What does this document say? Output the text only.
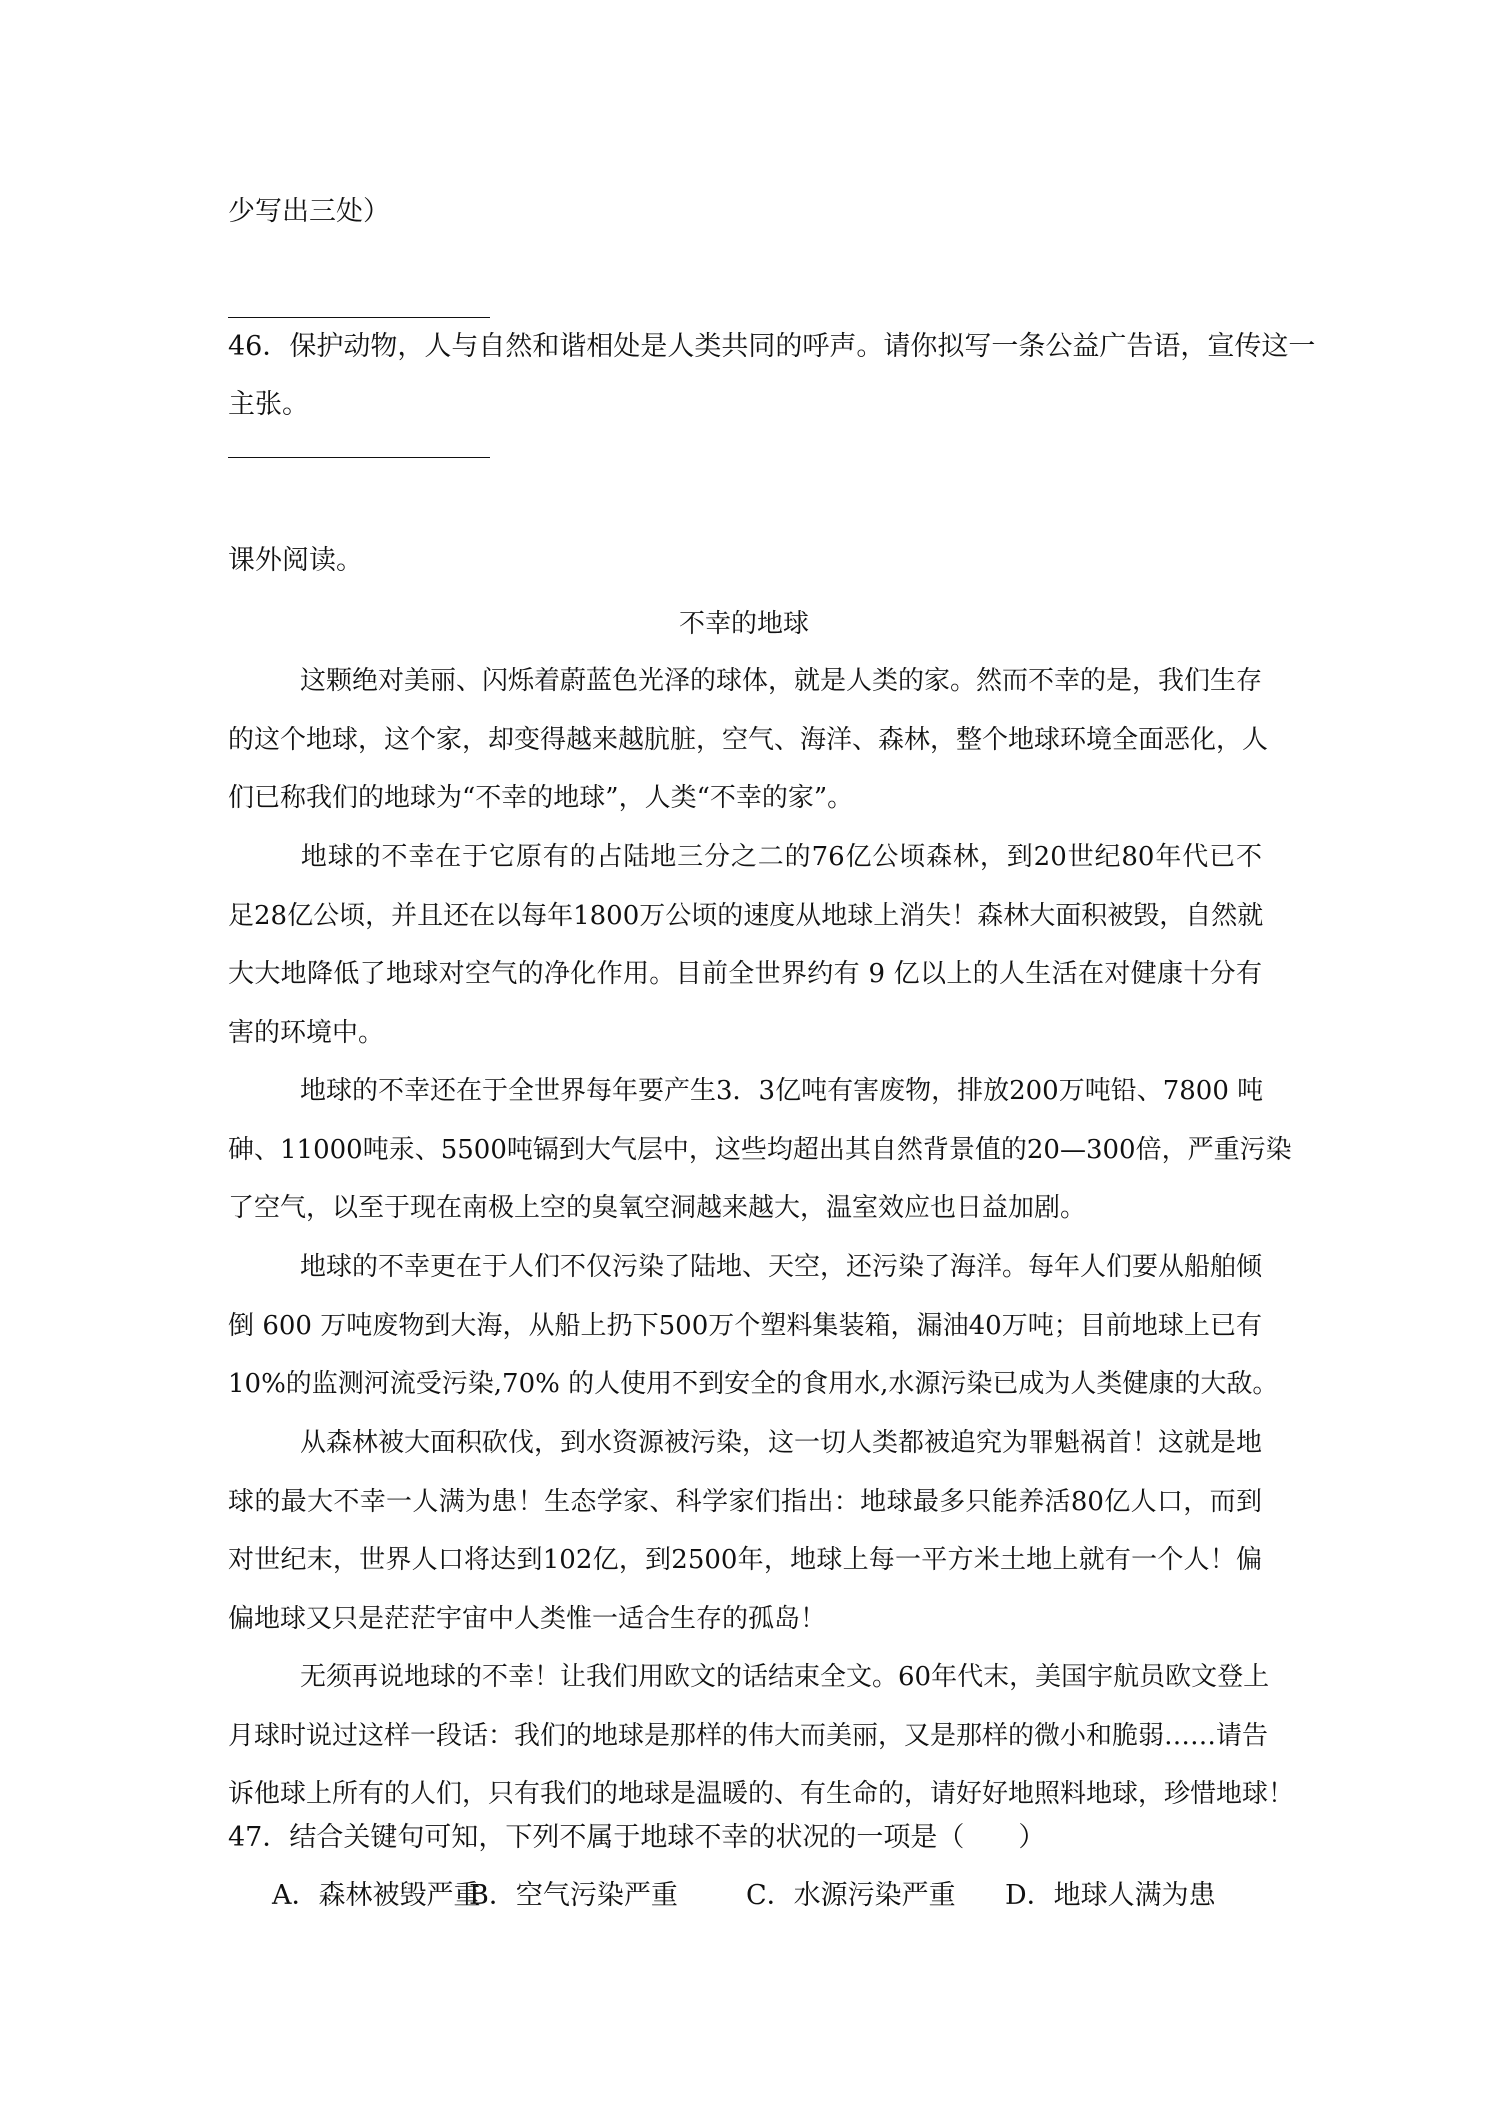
少写出三处）
46．保护动物，人与自然和谐相处是人类共同的呼声。请你拟写一条公益广告语，宣传这一
主张。
课外阅读。
不幸的地球
这颗绝对美丽、闪烁着蔚蓝色光泽的球体，就是人类的家。然而不幸的是，我们生存
的这个地球，这个家，却变得越来越肮脏，空气、海洋、森林，整个地球环境全面恶化，人
们已称我们的地球为“不幸的地球”，人类“不幸的家”。
地球的不幸在于它原有的占陆地三分之二的76亿公顷森林，到20世纪80年代已不
足28亿公顷，并且还在以每年1800万公顷的速度从地球上消失！森林大面积被毁，自然就
大大地降低了地球对空气的净化作用。目前全世界约有 9 亿以上的人生活在对健康十分有
害的环境中。
地球的不幸还在于全世界每年要产生3．3亿吨有害废物，排放200万吨铅、7800 吨
砷、11000吨汞、5500吨镉到大气层中，这些均超出其自然背景值的20—300倍，严重污染
了空气，以至于现在南极上空的臭氧空洞越来越大，温室效应也日益加剧。
地球的不幸更在于人们不仅污染了陆地、天空，还污染了海洋。每年人们要从船舶倾
倒 600 万吨废物到大海，从船上扔下500万个塑料集装箱，漏油40万吨；目前地球上已有
10%的监测河流受污染,70% 的人使用不到安全的食用水,水源污染已成为人类健康的大敌。
从森林被大面积砍伐，到水资源被污染，这一切人类都被追究为罪魁祸首！这就是地
球的最大不幸一人满为患！生态学家、科学家们指出：地球最多只能养活80亿人口，而到
对世纪末，世界人口将达到102亿，到2500年，地球上每一平方米土地上就有一个人！偏
偏地球又只是茫茫宇宙中人类惟一适合生存的孤岛！
无须再说地球的不幸！让我们用欧文的话结束全文。60年代末，美国宇航员欧文登上
月球时说过这样一段话：我们的地球是那样的伟大而美丽，又是那样的微小和脆弱……请告
诉他球上所有的人们，只有我们的地球是温暖的、有生命的，请好好地照料地球，珍惜地球！
47．结合关键句可知，下列不属于地球不幸的状况的一项是（　　）
A．森林被毁严重
B．空气污染严重	C．水源污染严重 D．地球人满为患
